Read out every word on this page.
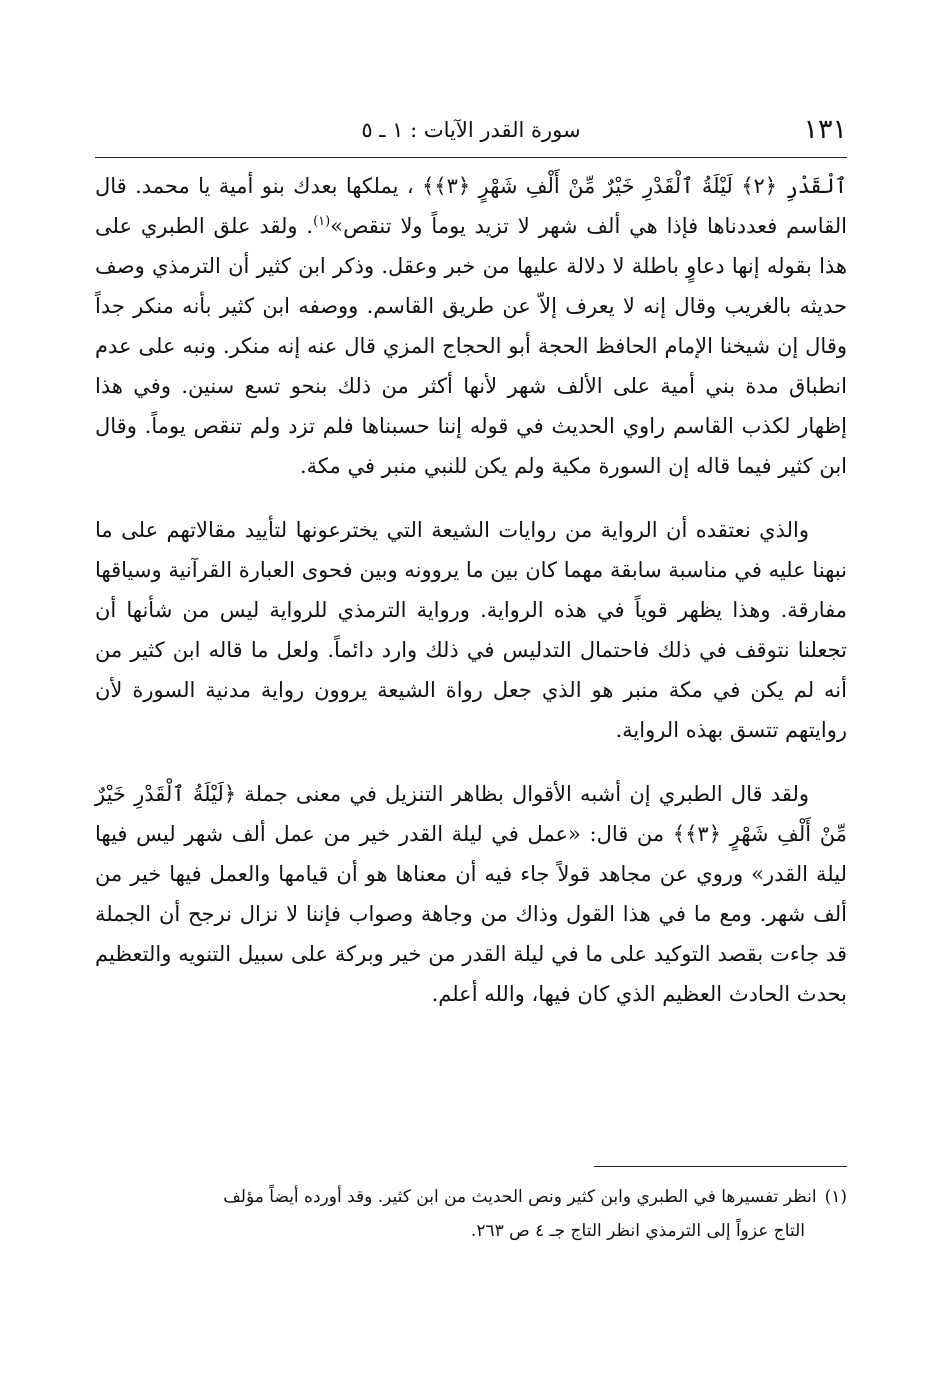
١٣١
سورة القدر الآيات : ١ ـ ٥

ٱلْقَدْرِ ﴿٢﴾ لَيْلَةُ ٱلْقَدْرِ خَيْرٌ مِّنْ أَلْفِ شَهْرٍ ﴿٣﴾﴾ ، يملكها بعدك بنو أمية يا محمد. قال القاسم فعددناها فإذا هي ألف شهر لا تزيد يوماً ولا تنقص»$^{(١)}$. ولقد علق الطبري على هذا بقوله إنها دعاوٍ باطلة لا دلالة عليها من خبر وعقل. وذكر ابن كثير أن الترمذي وصف حديثه بالغريب وقال إنه لا يعرف إلاّ عن طريق القاسم. ووصفه ابن كثير بأنه منكر جداً وقال إن شيخنا الإمام الحافظ الحجة أبو الحجاج المزي قال عنه إنه منكر. ونبه على عدم انطباق مدة بني أمية على الألف شهر لأنها أكثر من ذلك بنحو تسع سنين. وفي هذا إظهار لكذب القاسم راوي الحديث في قوله إننا حسبناها فلم تزد ولم تنقص يوماً. وقال ابن كثير فيما قاله إن السورة مكية ولم يكن للنبي منبر في مكة.

والذي نعتقده أن الرواية من روايات الشيعة التي يخترعونها لتأييد مقالاتهم على ما نبهنا عليه في مناسبة سابقة مهما كان بين ما يروونه وبين فحوى العبارة القرآنية وسياقها مفارقة. وهذا يظهر قوياً في هذه الرواية. ورواية الترمذي للرواية ليس من شأنها أن تجعلنا نتوقف في ذلك فاحتمال التدليس في ذلك وارد دائماً. ولعل ما قاله ابن كثير من أنه لم يكن في مكة منبر هو الذي جعل رواة الشيعة يروون رواية مدنية السورة لأن روايتهم تتسق بهذه الرواية.

ولقد قال الطبري إن أشبه الأقوال بظاهر التنزيل في معنى جملة ﴿لَيْلَةُ ٱلْقَدْرِ خَيْرٌ مِّنْ أَلْفِ شَهْرٍ ﴿٣﴾﴾ من قال: «عمل في ليلة القدر خير من عمل ألف شهر ليس فيها ليلة القدر» وروي عن مجاهد قولاً جاء فيه أن معناها هو أن قيامها والعمل فيها خير من ألف شهر. ومع ما في هذا القول وذاك من وجاهة وصواب فإننا لا نزال نرجح أن الجملة قد جاءت بقصد التوكيد على ما في ليلة القدر من خير وبركة على سبيل التنويه والتعظيم بحدث الحادث العظيم الذي كان فيها، والله أعلم.

(١)انظر تفسيرها في الطبري وابن كثير ونص الحديث من ابن كثير. وقد أورده أيضاً مؤلف
التاج عزواً إلى الترمذي انظر التاج جـ ٤ ص ٢٦٣.
